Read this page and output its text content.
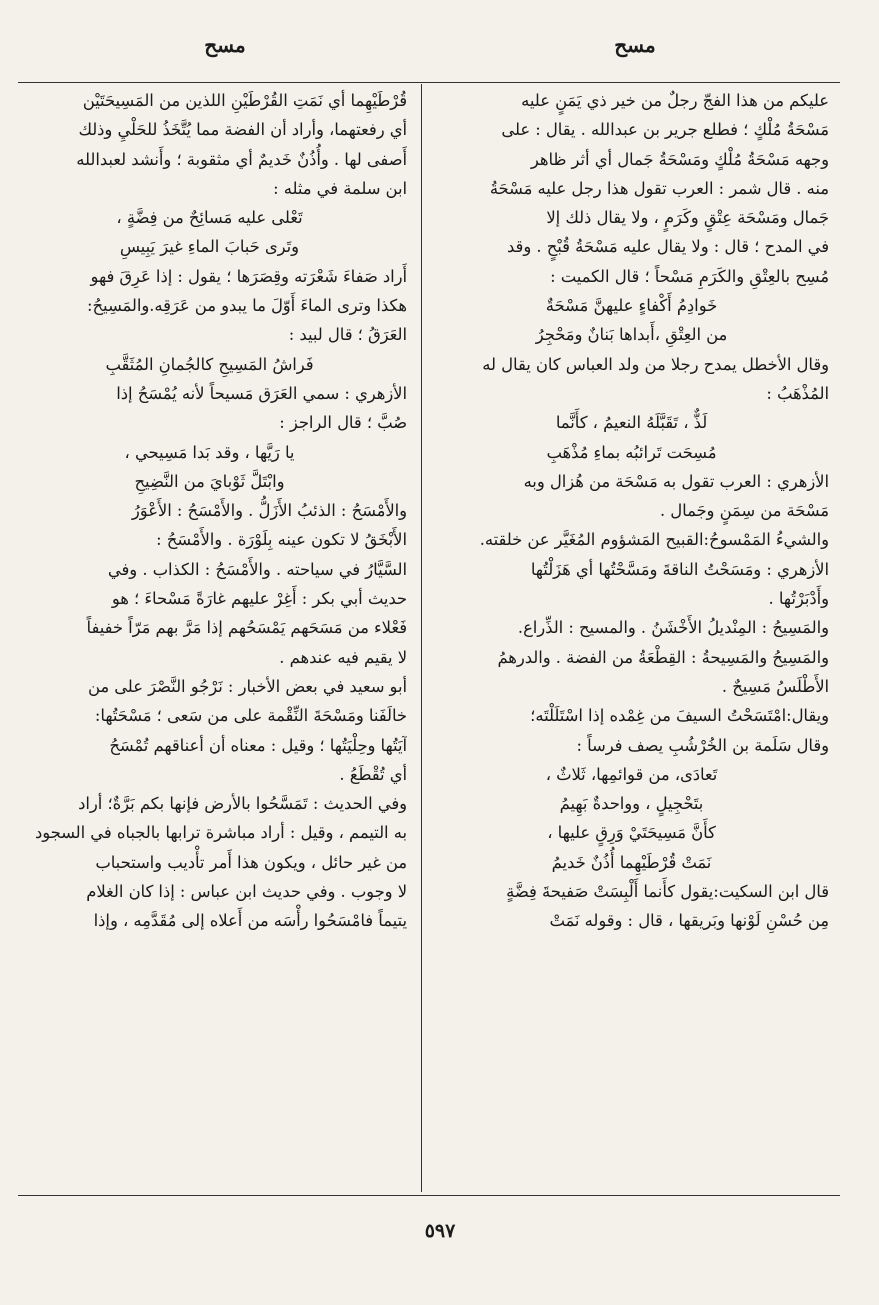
مسح
مسح

عليكم من هذا الفجّ رجلٌ من خير ذي يَمَنٍ عليه

مَسْحَةُ مُلْكٍ ؛ فطلع جرير بن عبدالله . يقال : على

وجهه مَسْحَةُ مُلْكٍ ومَسْحَةُ جَمال أي أثر ظاهر

منه . قال شمر : العرب تقول هذا رجل عليه مَسْحَةُ

جَمال ومَسْحَة عِتْقٍ وكَرَمٍ ، ولا يقال ذلك إلا

في المدح ؛ قال : ولا يقال عليه مَسْحَةُ قُبْحٍ . وقد

مُسِح بالعِتْقِ والكَرَمِ مَسْحاً ؛ قال الكميت :

خَوادِمُ أَكْفاءٍ عليهنَّ مَسْحَةٌ

من العِتْقِ ،أَبداها بَنانٌ ومَحْجِرُ

وقال الأخطل يمدح رجلا من ولد العباس كان يقال له

المُذْهَبُ :

لَذٌّ ، تَقَبَّلَهُ النعيمُ ، كأَنَّما

مُسِحَت تَرائبُه بماءِ مُذْهَبِ

الأزهري : العرب تقول به مَسْحَة من هُزال وبه

مَسْحَة من سِمَنٍ وجَمال .

والشيءُ المَمْسوحُ:القبيح المَشؤوم المُغَيَّر عن خلقته.

الأزهري : ومَسَحْتُ الناقةَ ومَسَّحْتُها أي هَزَلْتُها

وأَدْبَرْتُها .

والمَسِيحُ : المِنْديلُ الأَخْشَنُ . والمسيح : الذِّراع.

والمَسِيحُ والمَسِيحةُ : القِطْعَةُ من الفضة . والدرهمُ

الأَطْلَسُ مَسِيحٌ .

ويقال:امْتَسَحْتُ السيفَ من غِمْده إذا اسْتَلَلْتَه؛

وقال سَلَمة بن الخُرْشُبِ يصف فرساً :

تَعادَى، من قوائمِها، ثَلاثٌ ،

بتَحْجِيلٍ ، وواحدةٌ بَهِيمُ

كأَنَّ مَسِيحَتَيْ وَرِقٍ عليها ،

نَمَتْ قُرْطَيْهِما أُذُنٌ خَديمُ

قال ابن السكيت:يقول كأَنما أَلْبِسَتْ صَفيحةَ فِضَّةٍ

مِن حُسْنِ لَوْنها وبَريقها ، قال : وقوله نَمَتْ

قُرْطَيْهِما أي نَمَتِ القُرْطَيْنِ اللذين من المَسِيحَتَيْن

أي رفعتهما، وأراد أن الفضة مما يُتَّخَذُ للحَلْيِ وذلك

أَصفى لها . وأُذُنٌ خَديمٌ أي مثقوبة ؛ وأَنشد لعبدالله

ابن سلمة في مثله :

تَعْلى عليه مَسائِحٌ من فِضَّةٍ ،

وتَرى حَبابَ الماءِ غيرَ يَبِيسِ

أَراد صَفاءَ شَعْرَته وقِصَرَها ؛ يقول : إذا عَرِقَ فهو

هكذا وترى الماءَ أَوّلَ ما يبدو من عَرَقِه.والمَسِيحُ:

العَرَقُ ؛ قال لبيد :

فَراشُ المَسِيحِ كالجُمانِ المُثَقَّبِ

الأزهري : سمي العَرَق مَسيحاً لأنه يُمْسَحُ إذا

صُبَّ ؛ قال الراجز :

يا رَيَّها ، وقد بَدا مَسِيحي ،

وابْتَلَّ ثَوْبايَ من النَّضِيحِ

والأَمْسَحُ : الذئبُ الأَزَلُّ . والأَمْسَحُ : الأَعْوَرُ

الأَبْخَقُ لا تكون عينه بِلَوْرَة . والأَمْسَحُ :

السَّيَّارُ في سياحته . والأَمْسَحُ : الكذاب . وفي

حديث أبي بكر : أَغِرْ عليهم غارَةً مَسْحاءَ ؛ هو

فَعْلاء من مَسَحَهم يَمْسَحُهم إذا مَرَّ بهم مَرّاً خفيفاً

لا يقيم فيه عندهم .

أبو سعيد في بعض الأخبار : نَرْجُو النَّصْرَ على من

خالَفَنا ومَسْحَةَ النِّقْمة على من سَعى ؛ مَسْحَتُها:

آيَتُها وحِلْيَتُها ؛ وقيل : معناه أن أعناقهم تُمْسَحُ

أي تُقْطَعُ .

وفي الحديث : تَمَسَّحُوا بالأرض فإنها بكم بَرَّةٌ؛ أراد

به التيمم ، وقيل : أراد مباشرة ترابها بالجباه في السجود

من غير حائل ، ويكون هذا أَمر تأْديب واستحباب

لا وجوب . وفي حديث ابن عباس : إذا كان الغلام

يتيماً فامْسَحُوا رأْسَه من أَعلاه إلى مُقَدَّمِه ، وإذا

٥٩٧
